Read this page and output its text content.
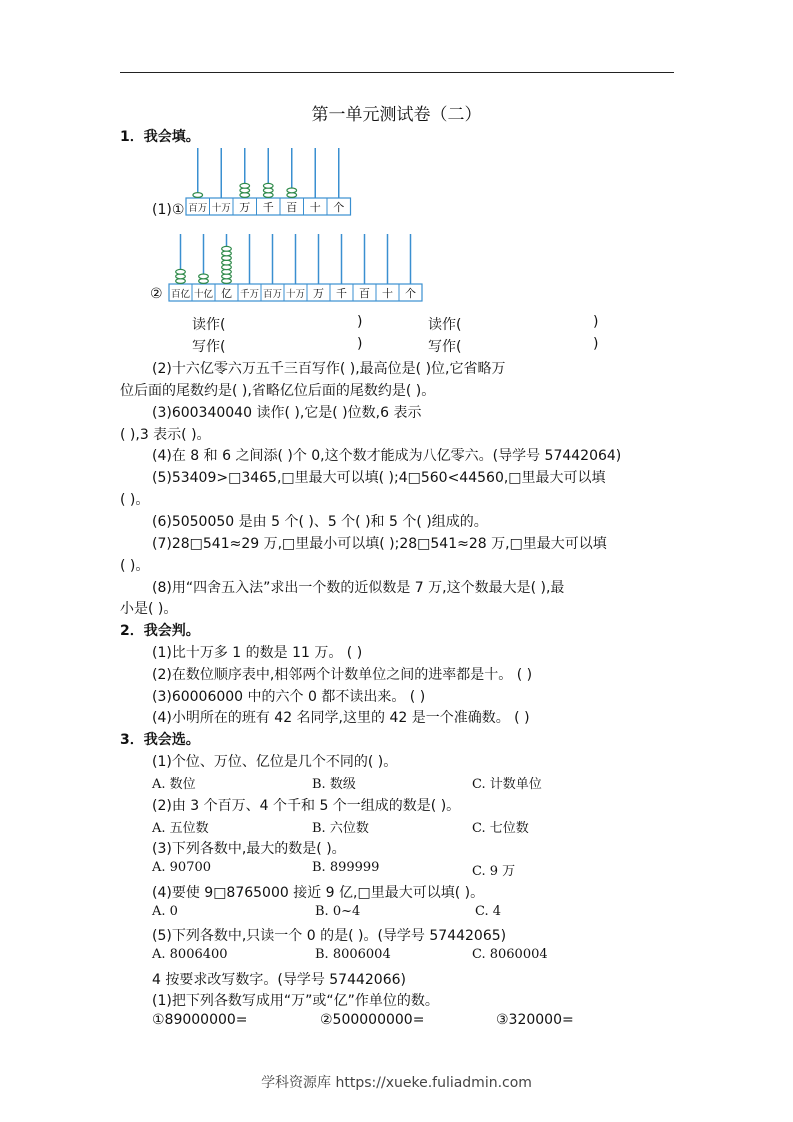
第一单元测试卷（二）
1．我会填。
(1)① 百万 十万 万 千 百 十 个
② 百亿 十亿 亿 千万 百万 十万 万 千 百 十 个
读作(	)	读作(	)
写作(	)	写作(	)
(2)十六亿零六万五千三百写作( ),最高位是( )位,它省略万
位后面的尾数约是( ),省略亿位后面的尾数约是( )。
(3)600340040 读作( ),它是( )位数,6 表示
( ),3 表示( )。
(4)在 8 和 6 之间添( )个 0,这个数才能成为八亿零六。(导学号 57442064)
(5)53409>□3465,□里最大可以填( );4□560<44560,□里最大可以填
( )。
(6)5050050 是由 5 个( )、5 个( )和 5 个( )组成的。
(7)28□541≈29 万,□里最小可以填( );28□541≈28 万,□里最大可以填
( )。
(8)用“四舍五入法”求出一个数的近似数是 7 万,这个数最大是( ),最
小是( )。
2．我会判。
(1)比十万多 1 的数是 11 万。 ( )
(2)在数位顺序表中,相邻两个计数单位之间的进率都是十。 ( )
(3)60006000 中的六个 0 都不读出来。 ( )
(4)小明所在的班有 42 名同学,这里的 42 是一个准确数。 ( )
3．我会选。
(1)个位、万位、亿位是几个不同的( )。
A. 数位	B. 数级	C. 计数单位
(2)由 3 个百万、4 个千和 5 个一组成的数是( )。
A. 五位数	B. 六位数	C. 七位数
(3)下列各数中,最大的数是( )。
A. 90700	B. 899999	C. 9 万
(4)要使 9□8765000 接近 9 亿,□里最大可以填( )。
A. 0	B. 0~4	C. 4
(5)下列各数中,只读一个 0 的是( )。(导学号 57442065)
A. 8006400	B. 8006004	C. 8060004
4 按要求改写数字。(导学号 57442066)
(1)把下列各数写成用“万”或“亿”作单位的数。
①89000000=	②500000000=	③320000=
学科资源库 https://xueke.fuliadmin.com
